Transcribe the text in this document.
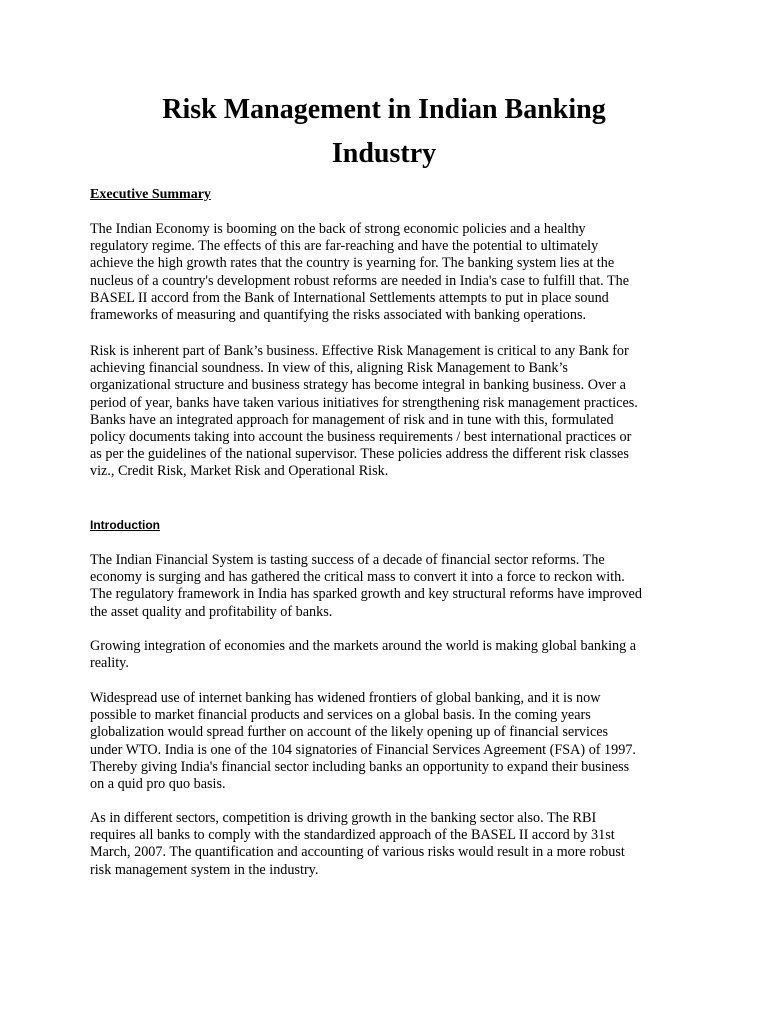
Risk Management in Indian Banking
Industry
Executive Summary

The Indian Economy is booming on the back of strong economic policies and a healthy
regulatory regime. The effects of this are far-reaching and have the potential to ultimately
achieve the high growth rates that the country is yearning for. The banking system lies at the
nucleus of a country's development robust reforms are needed in India's case to fulfill that. The
BASEL II accord from the Bank of International Settlements attempts to put in place sound
frameworks of measuring and quantifying the risks associated with banking operations.

Risk is inherent part of Bank’s business. Effective Risk Management is critical to any Bank for
achieving financial soundness. In view of this, aligning Risk Management to Bank’s
organizational structure and business strategy has become integral in banking business. Over a
period of year, banks have taken various initiatives for strengthening risk management practices.
Banks have an integrated approach for management of risk and in tune with this, formulated
policy documents taking into account the business requirements / best international practices or
as per the guidelines of the national supervisor. These policies address the different risk classes
viz., Credit Risk, Market Risk and Operational Risk.

Introduction

The Indian Financial System is tasting success of a decade of financial sector reforms. The
economy is surging and has gathered the critical mass to convert it into a force to reckon with.
The regulatory framework in India has sparked growth and key structural reforms have improved
the asset quality and profitability of banks.

Growing integration of economies and the markets around the world is making global banking a
reality.

Widespread use of internet banking has widened frontiers of global banking, and it is now
possible to market financial products and services on a global basis. In the coming years
globalization would spread further on account of the likely opening up of financial services
under WTO. India is one of the 104 signatories of Financial Services Agreement (FSA) of 1997.
Thereby giving India's financial sector including banks an opportunity to expand their business
on a quid pro quo basis.

As in different sectors, competition is driving growth in the banking sector also. The RBI
requires all banks to comply with the standardized approach of the BASEL II accord by 31st
March, 2007. The quantification and accounting of various risks would result in a more robust
risk management system in the industry.
